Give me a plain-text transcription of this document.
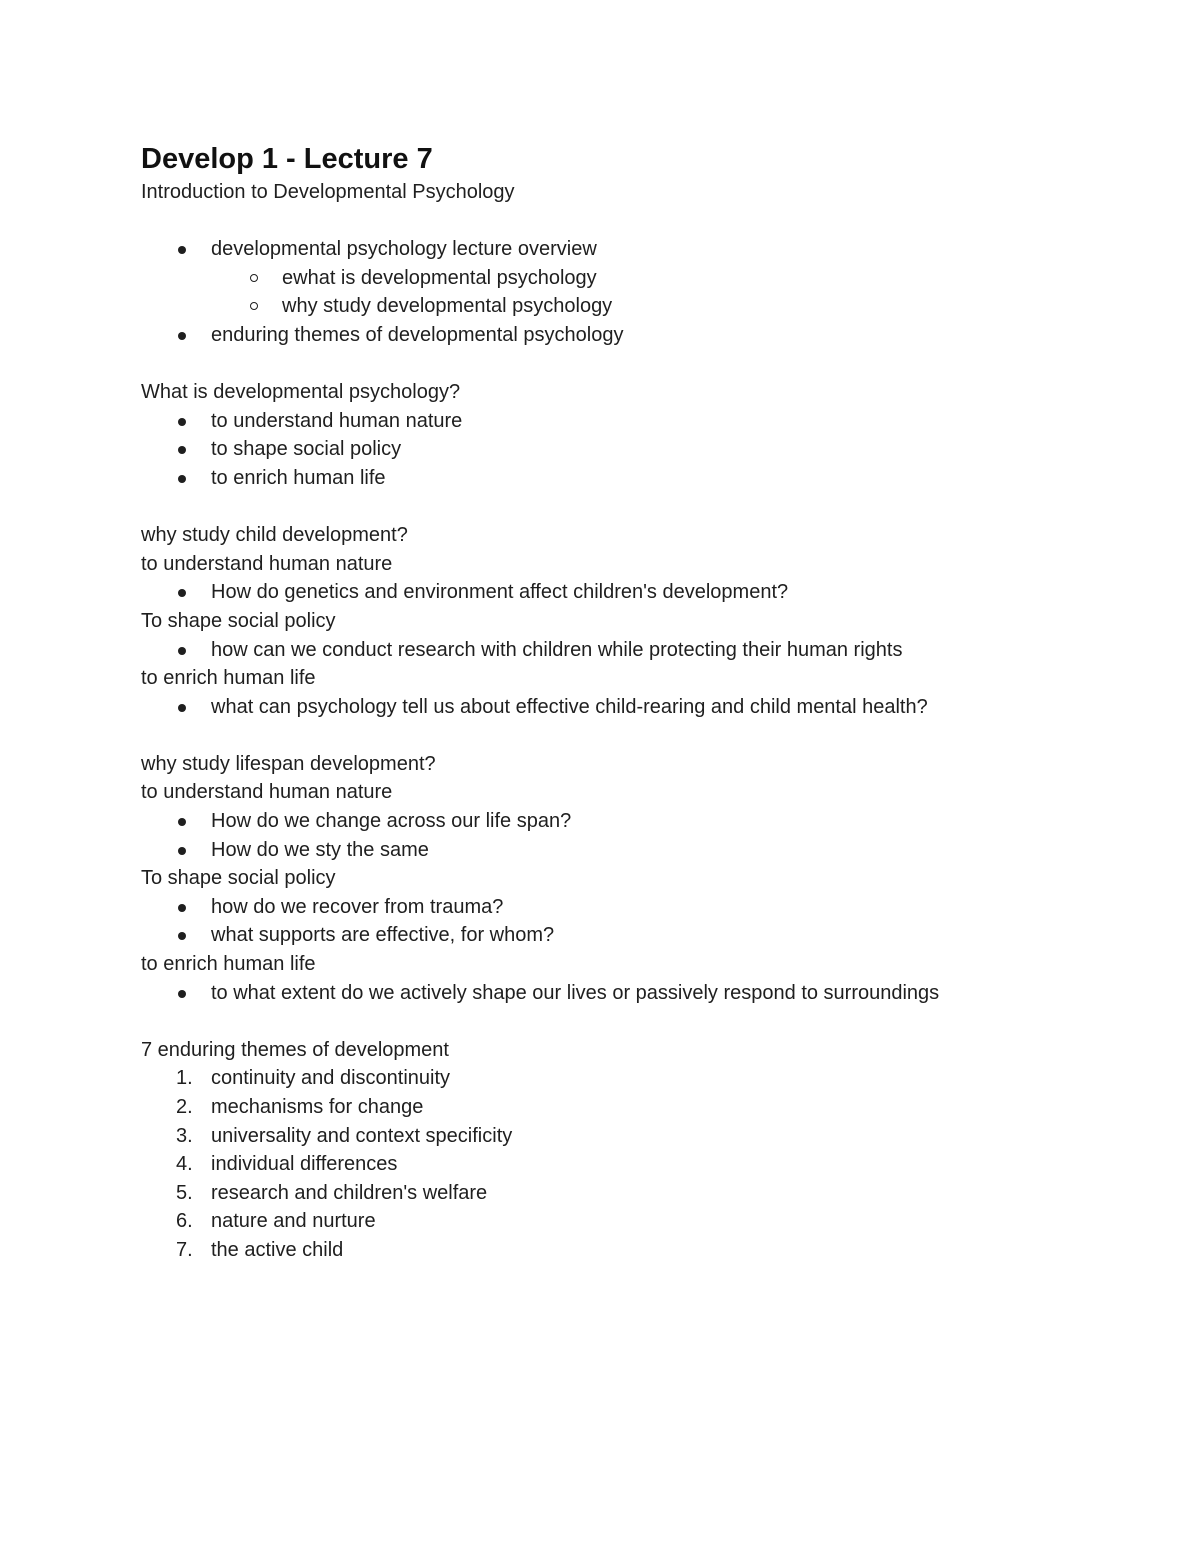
Develop 1 - Lecture 7

Introduction to Developmental Psychology

developmental psychology lecture overview
ewhat is developmental psychology
why study developmental psychology
enduring themes of developmental psychology

What is developmental psychology?

to understand human nature
to shape social policy
to enrich human life

why study child development?

to understand human nature

How do genetics and environment affect children's development?

To shape social policy

how can we conduct research with children while protecting their human rights

to enrich human life

what can psychology tell us about effective child-rearing and child mental health?

why study lifespan development?

to understand human nature

How do we change across our life span?
How do we sty the same

To shape social policy

how do we recover from trauma?
what supports are effective, for whom?

to enrich human life

to what extent do we actively shape our lives or passively respond to surroundings

7 enduring themes of development

1. continuity and discontinuity
2. mechanisms for change
3. universality and context specificity
4. individual differences
5. research and children's welfare
6. nature and nurture
7. the active child
